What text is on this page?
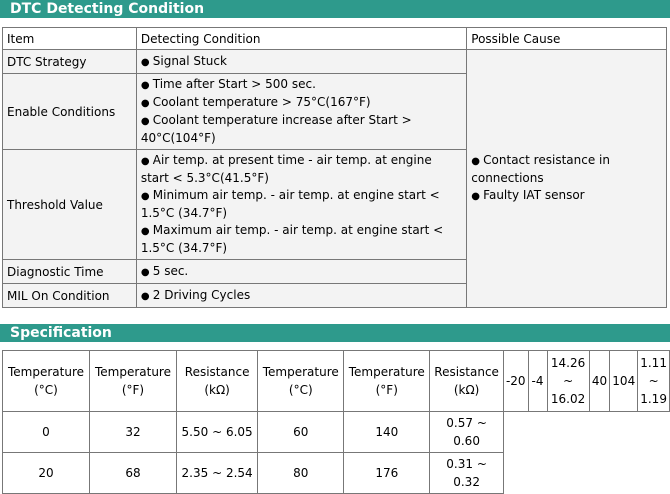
DTC Detecting Condition
Item	Detecting Condition	Possible Cause
DTC Strategy	● Signal Stuck	● Contact resistance in connections
● Faulty IAT sensor

Enable Conditions	● Time after Start > 500 sec.
● Coolant temperature > 75°C(167°F)
● Coolant temperature increase after Start > 40°C(104°F)

Threshold Value	● Air temp. at present time - air temp. at engine start < 5.3°C(41.5°F)
● Minimum air temp. - air temp. at engine start < 1.5°C (34.7°F)
● Maximum air temp. - air temp. at engine start < 1.5°C (34.7°F)

Diagnostic Time	● 5 sec.

MIL On Condition	● 2 Driving Cycles
Specification
Temperature (°C)	Temperature (°F)	Resistance (kΩ)	Temperature (°C)	Temperature (°F)	Resistance (kΩ)	-20	-4	14.26 ~ 16.02	40	104	1.11 ~ 1.19
0	32	5.50 ~ 6.05	60	140	0.57 ~ 0.60						
20	68	2.35 ~ 2.54	80	176	0.31 ~ 0.32						
